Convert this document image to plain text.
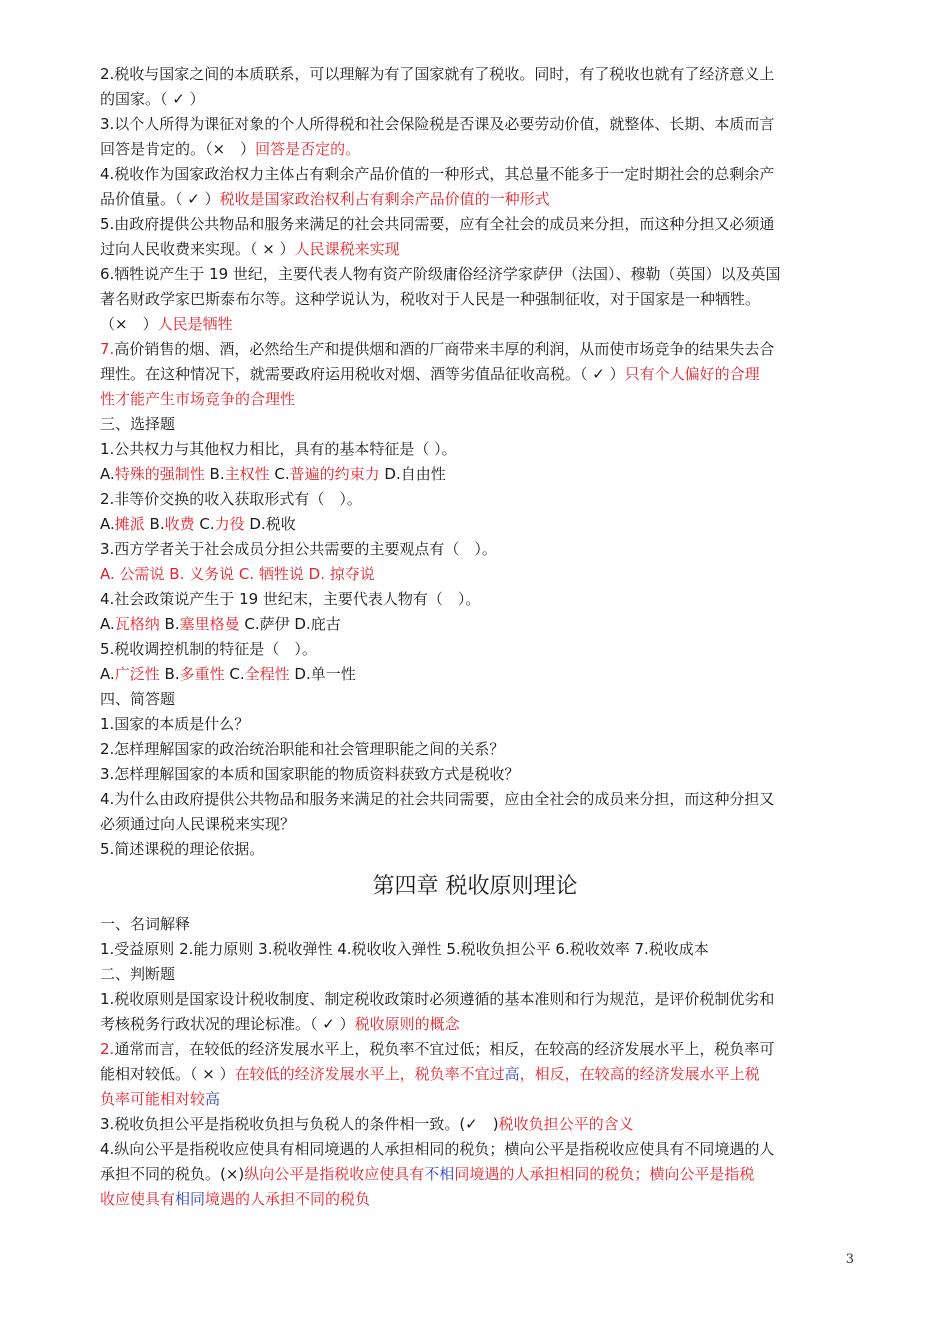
2.税收与国家之间的本质联系，可以理解为有了国家就有了税收。同时，有了税收也就有了经济意义上
的国家。（ ✓ ）
3.以个人所得为课征对象的个人所得税和社会保险税是否课及必要劳动价值，就整体、长期、本质而言
回答是肯定的。（×　）回答是否定的。
4.税收作为国家政治权力主体占有剩余产品价值的一种形式，其总量不能多于一定时期社会的总剩余产
品价值量。（ ✓ ）税收是国家政治权利占有剩余产品价值的一种形式
5.由政府提供公共物品和服务来满足的社会共同需要，应有全社会的成员来分担，而这种分担又必须通
过向人民收费来实现。（ × ）人民课税来实现
6.牺牲说产生于 19 世纪，主要代表人物有资产阶级庸俗经济学家萨伊（法国）、穆勒（英国）以及英国
著名财政学家巴斯泰布尔等。这种学说认为，税收对于人民是一种强制征收，对于国家是一种牺牲。
（×　）人民是牺牲
7.高价销售的烟、酒，必然给生产和提供烟和酒的厂商带来丰厚的利润，从而使市场竞争的结果失去合
理性。在这种情况下，就需要政府运用税收对烟、酒等劣值品征收高税。（ ✓ ）只有个人偏好的合理
性才能产生市场竞争的合理性
三、选择题
1.公共权力与其他权力相比，具有的基本特征是（ ）。
A.特殊的强制性 B.主权性 C.普遍的约束力 D.自由性
2.非等价交换的收入获取形式有（　）。
A.摊派 B.收费 C.力役 D.税收
3.西方学者关于社会成员分担公共需要的主要观点有（　）。
A. 公需说 B. 义务说 C. 牺牲说 D. 掠夺说
4.社会政策说产生于 19 世纪末，主要代表人物有（　）。
A.瓦格纳 B.塞里格曼 C.萨伊 D.庇古
5.税收调控机制的特征是（　）。
A.广泛性 B.多重性 C.全程性 D.单一性
四、简答题
1.国家的本质是什么？
2.怎样理解国家的政治统治职能和社会管理职能之间的关系？
3.怎样理解国家的本质和国家职能的物质资料获致方式是税收？
4.为什么由政府提供公共物品和服务来满足的社会共同需要，应由全社会的成员来分担，而这种分担又
必须通过向人民课税来实现？
5.简述课税的理论依据。
第四章 税收原则理论
一、名词解释
1.受益原则 2.能力原则 3.税收弹性 4.税收收入弹性 5.税收负担公平 6.税收效率 7.税收成本
二、判断题
1.税收原则是国家设计税收制度、制定税收政策时必须遵循的基本准则和行为规范，是评价税制优劣和
考核税务行政状况的理论标准。（ ✓ ）税收原则的概念
2.通常而言，在较低的经济发展水平上，税负率不宜过低；相反，在较高的经济发展水平上，税负率可
能相对较低。（ × ）在较低的经济发展水平上，税负率不宜过高，相反，在较高的经济发展水平上税
负率可能相对较高
3.税收负担公平是指税收负担与负税人的条件相一致。(✓　)税收负担公平的含义
4.纵向公平是指税收应使具有相同境遇的人承担相同的税负；横向公平是指税收应使具有不同境遇的人
承担不同的税负。(×)纵向公平是指税收应使具有不相同境遇的人承担相同的税负；横向公平是指税
收应使具有相同境遇的人承担不同的税负
3
